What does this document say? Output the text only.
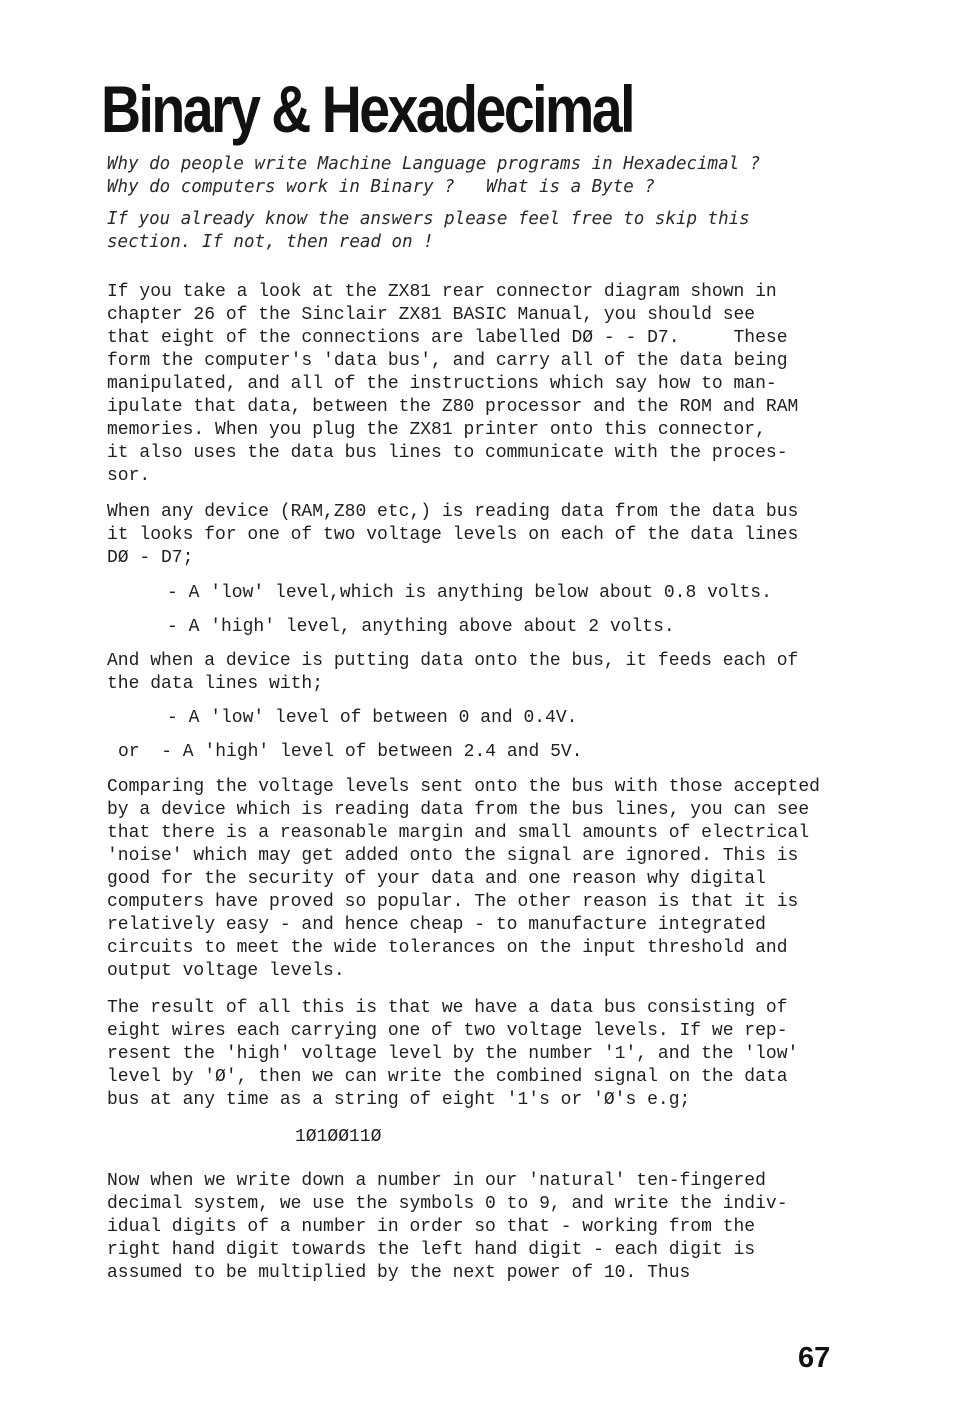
Binary & Hexadecimal

Why do people write Machine Language programs in Hexadecimal ?
Why do computers work in Binary ?   What is a Byte ?

If you already know the answers please feel free to skip this
section. If not, then read on !

If you take a look at the ZX81 rear connector diagram shown in
chapter 26 of the Sinclair ZX81 BASIC Manual, you should see
that eight of the connections are labelled DØ - - D7.     These
form the computer's 'data bus', and carry all of the data being
manipulated, and all of the instructions which say how to man-
ipulate that data, between the Z80 processor and the ROM and RAM
memories. When you plug the ZX81 printer onto this connector,
it also uses the data bus lines to communicate with the proces-
sor.

When any device (RAM,Z80 etc,) is reading data from the data bus
it looks for one of two voltage levels on each of the data lines
DØ - D7;

- A 'low' level,which is anything below about 0.8 volts.

- A 'high' level, anything above about 2 volts.

And when a device is putting data onto the bus, it feeds each of
the data lines with;

- A 'low' level of between 0 and 0.4V.

or  - A 'high' level of between 2.4 and 5V.

Comparing the voltage levels sent onto the bus with those accepted
by a device which is reading data from the bus lines, you can see
that there is a reasonable margin and small amounts of electrical
'noise' which may get added onto the signal are ignored. This is
good for the security of your data and one reason why digital
computers have proved so popular. The other reason is that it is
relatively easy - and hence cheap - to manufacture integrated
circuits to meet the wide tolerances on the input threshold and
output voltage levels.

The result of all this is that we have a data bus consisting of
eight wires each carrying one of two voltage levels. If we rep-
resent the 'high' voltage level by the number '1', and the 'low'
level by 'Ø', then we can write the combined signal on the data
bus at any time as a string of eight '1's or 'Ø's e.g;

1Ø1ØØ11Ø

Now when we write down a number in our 'natural' ten-fingered
decimal system, we use the symbols 0 to 9, and write the indiv-
idual digits of a number in order so that - working from the
right hand digit towards the left hand digit - each digit is
assumed to be multiplied by the next power of 10. Thus

67
